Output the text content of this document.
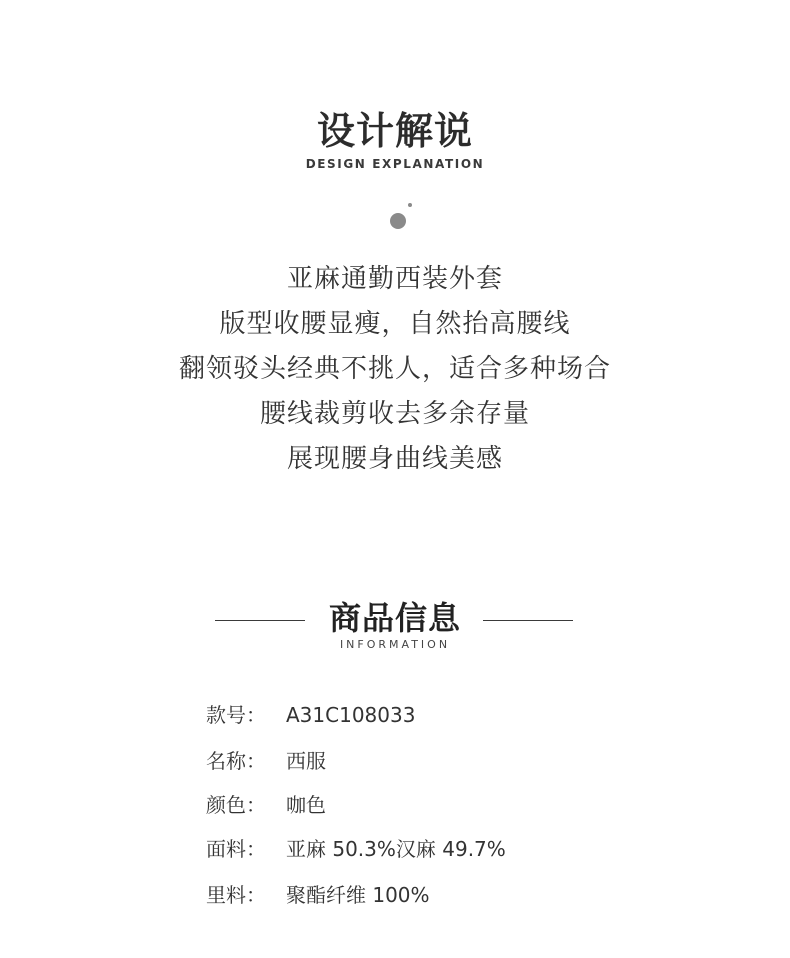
设计解说
DESIGN EXPLANATION
亚麻通勤西装外套
版型收腰显瘦，自然抬高腰线
翻领驳头经典不挑人，适合多种场合
腰线裁剪收去多余存量
展现腰身曲线美感
商品信息
INFORMATION
款号： A31C108033
名称： 西服
颜色： 咖色
面料： 亚麻 50.3%汉麻 49.7%
里料： 聚酯纤维 100%
